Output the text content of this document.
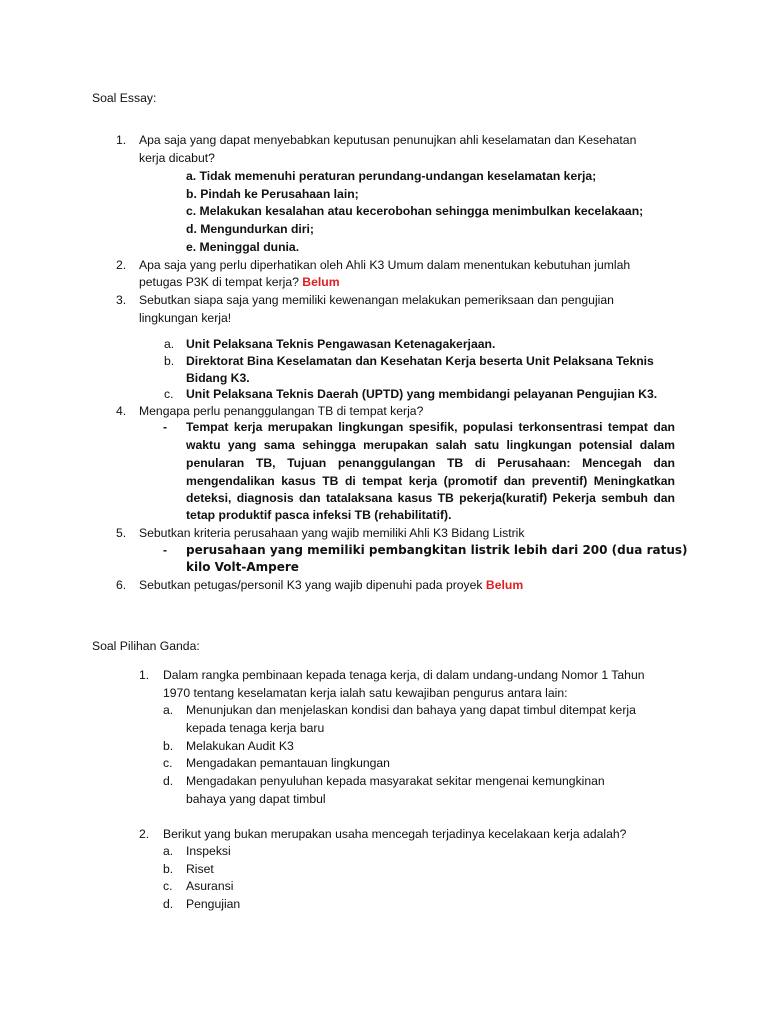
Soal Essay:
1. Apa saja yang dapat menyebabkan keputusan penunujkan ahli keselamatan dan Kesehatan
kerja dicabut?
a. Tidak memenuhi peraturan perundang-undangan keselamatan kerja;
b. Pindah ke Perusahaan lain;
c. Melakukan kesalahan atau kecerobohan sehingga menimbulkan kecelakaan;
d. Mengundurkan diri;
e. Meninggal dunia.
2. Apa saja yang perlu diperhatikan oleh Ahli K3 Umum dalam menentukan kebutuhan jumlah
petugas P3K di tempat kerja? Belum
3. Sebutkan siapa saja yang memiliki kewenangan melakukan pemeriksaan dan pengujian
lingkungan kerja!
a. Unit Pelaksana Teknis Pengawasan Ketenagakerjaan.
b. Direktorat Bina Keselamatan dan Kesehatan Kerja beserta Unit Pelaksana Teknis
Bidang K3.
c. Unit Pelaksana Teknis Daerah (UPTD) yang membidangi pelayanan Pengujian K3.
4. Mengapa perlu penanggulangan TB di tempat kerja?
- Tempat kerja merupakan lingkungan spesifik, populasi terkonsentrasi tempat dan
waktu yang sama sehingga merupakan salah satu lingkungan potensial dalam
penularan TB, Tujuan penanggulangan TB di Perusahaan: Mencegah dan
mengendalikan kasus TB di tempat kerja (promotif dan preventif) Meningkatkan
deteksi, diagnosis dan tatalaksana kasus TB pekerja(kuratif) Pekerja sembuh dan
tetap produktif pasca infeksi TB (rehabilitatif).
5. Sebutkan kriteria perusahaan yang wajib memiliki Ahli K3 Bidang Listrik
- perusahaan yang memiliki pembangkitan listrik lebih dari 200 (dua ratus)
kilo Volt-Ampere
6. Sebutkan petugas/personil K3 yang wajib dipenuhi pada proyek Belum
Soal Pilihan Ganda:
1. Dalam rangka pembinaan kepada tenaga kerja, di dalam undang-undang Nomor 1 Tahun
1970 tentang keselamatan kerja ialah satu kewajiban pengurus antara lain:
a. Menunjukan dan menjelaskan kondisi dan bahaya yang dapat timbul ditempat kerja
kepada tenaga kerja baru
b. Melakukan Audit K3
c. Mengadakan pemantauan lingkungan
d. Mengadakan penyuluhan kepada masyarakat sekitar mengenai kemungkinan
bahaya yang dapat timbul
2. Berikut yang bukan merupakan usaha mencegah terjadinya kecelakaan kerja adalah?
a. Inspeksi
b. Riset
c. Asuransi
d. Pengujian
